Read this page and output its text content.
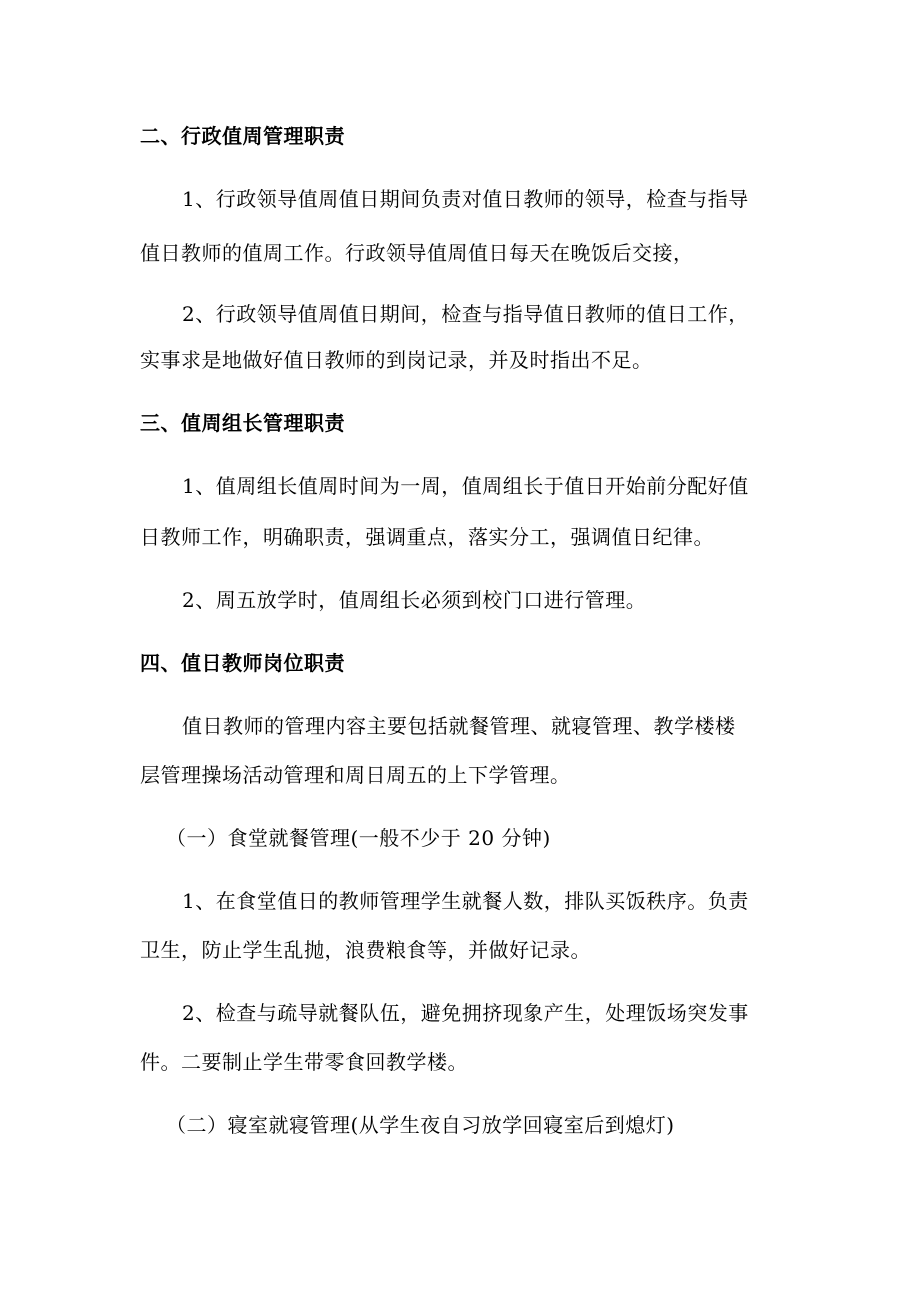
二、行政值周管理职责

1、行政领导值周值日期间负责对值日教师的领导，检查与指导

值日教师的值周工作。行政领导值周值日每天在晚饭后交接，

2、行政领导值周值日期间，检查与指导值日教师的值日工作，

实事求是地做好值日教师的到岗记录，并及时指出不足。

三、值周组长管理职责

1、值周组长值周时间为一周，值周组长于值日开始前分配好值

日教师工作，明确职责，强调重点，落实分工，强调值日纪律。

2、周五放学时，值周组长必须到校门口进行管理。

四、值日教师岗位职责

值日教师的管理内容主要包括就餐管理、就寝管理、教学楼楼

层管理操场活动管理和周日周五的上下学管理。

（一）食堂就餐管理(一般不少于 20 分钟)

1、在食堂值日的教师管理学生就餐人数，排队买饭秩序。负责

卫生，防止学生乱抛，浪费粮食等，并做好记录。

2、检查与疏导就餐队伍，避免拥挤现象产生，处理饭场突发事

件。二要制止学生带零食回教学楼。

（二）寝室就寝管理(从学生夜自习放学回寝室后到熄灯)
